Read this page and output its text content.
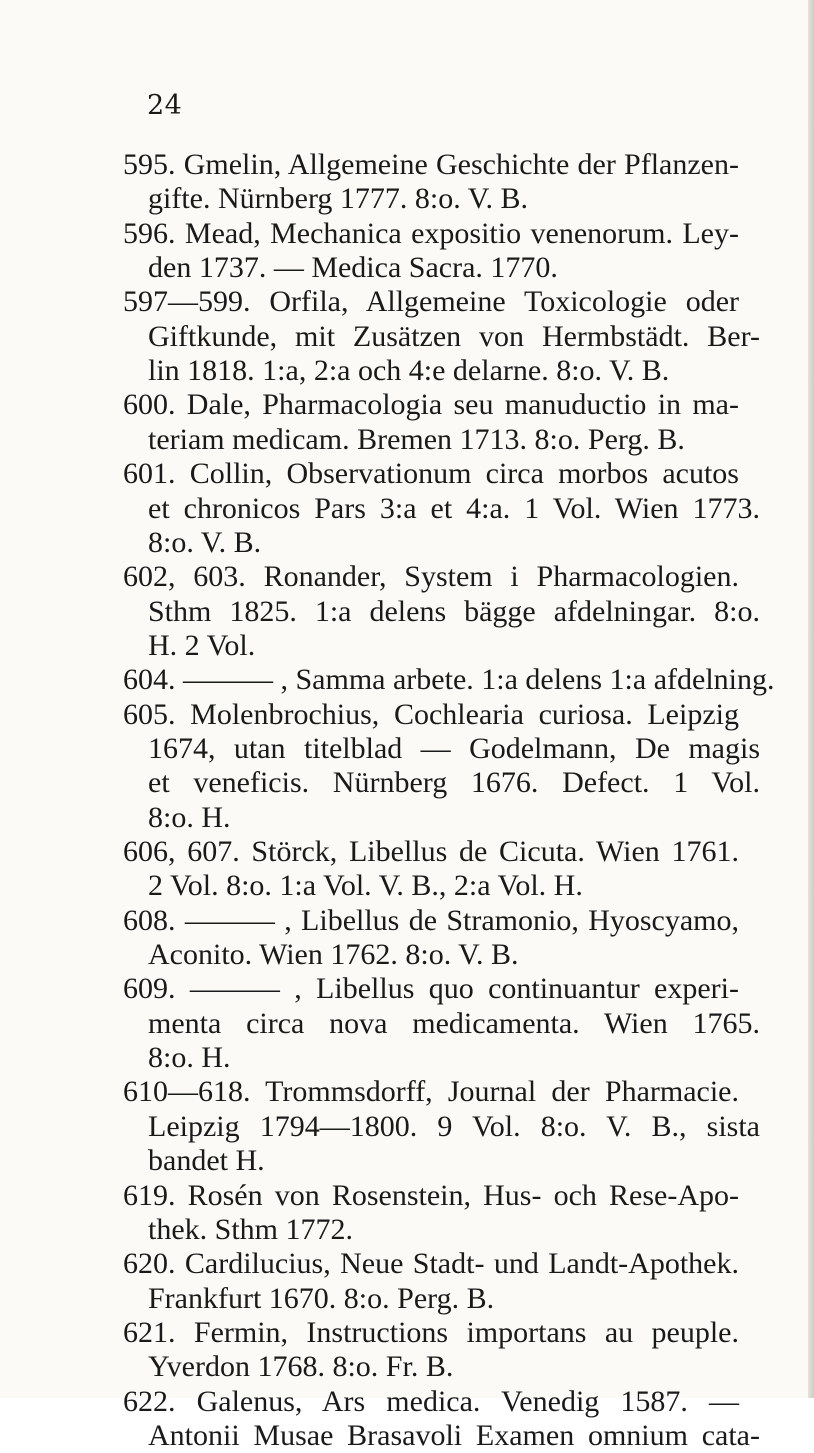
24
595. Gmelin, Allgemeine Geschichte der Pflanzen-
gifte. Nürnberg 1777. 8:o. V. B.
596. Mead, Mechanica expositio venenorum. Ley-
den 1737. — Medica Sacra. 1770.
597—599. Orfila, Allgemeine Toxicologie oder
Giftkunde, mit Zusätzen von Hermbstädt. Ber-
lin 1818. 1:a, 2:a och 4:e delarne. 8:o. V. B.
600. Dale, Pharmacologia seu manuductio in ma-
teriam medicam. Bremen 1713. 8:o. Perg. B.
601. Collin, Observationum circa morbos acutos
et chronicos Pars 3:a et 4:a. 1 Vol. Wien 1773.
8:o. V. B.
602, 603. Ronander, System i Pharmacologien.
Sthm 1825. 1:a delens bägge afdelningar. 8:o.
H. 2 Vol.
604. ——— , Samma arbete. 1:a delens 1:a afdelning.
605. Molenbrochius, Cochlearia curiosa. Leipzig
1674, utan titelblad — Godelmann, De magis
et veneficis. Nürnberg 1676. Defect. 1 Vol.
8:o. H.
606, 607. Störck, Libellus de Cicuta. Wien 1761.
2 Vol. 8:o. 1:a Vol. V. B., 2:a Vol. H.
608. ——— , Libellus de Stramonio, Hyoscyamo,
Aconito. Wien 1762. 8:o. V. B.
609. ——— , Libellus quo continuantur experi-
menta circa nova medicamenta. Wien 1765.
8:o. H.
610—618. Trommsdorff, Journal der Pharmacie.
Leipzig 1794—1800. 9 Vol. 8:o. V. B., sista
bandet H.
619. Rosén von Rosenstein, Hus- och Rese-Apo-
thek. Sthm 1772.
620. Cardilucius, Neue Stadt- und Landt-Apothek.
Frankfurt 1670. 8:o. Perg. B.
621. Fermin, Instructions importans au peuple.
Yverdon 1768. 8:o. Fr. B.
622. Galenus, Ars medica. Venedig 1587. —
Antonii Musae Brasavoli Examen omnium cata-
